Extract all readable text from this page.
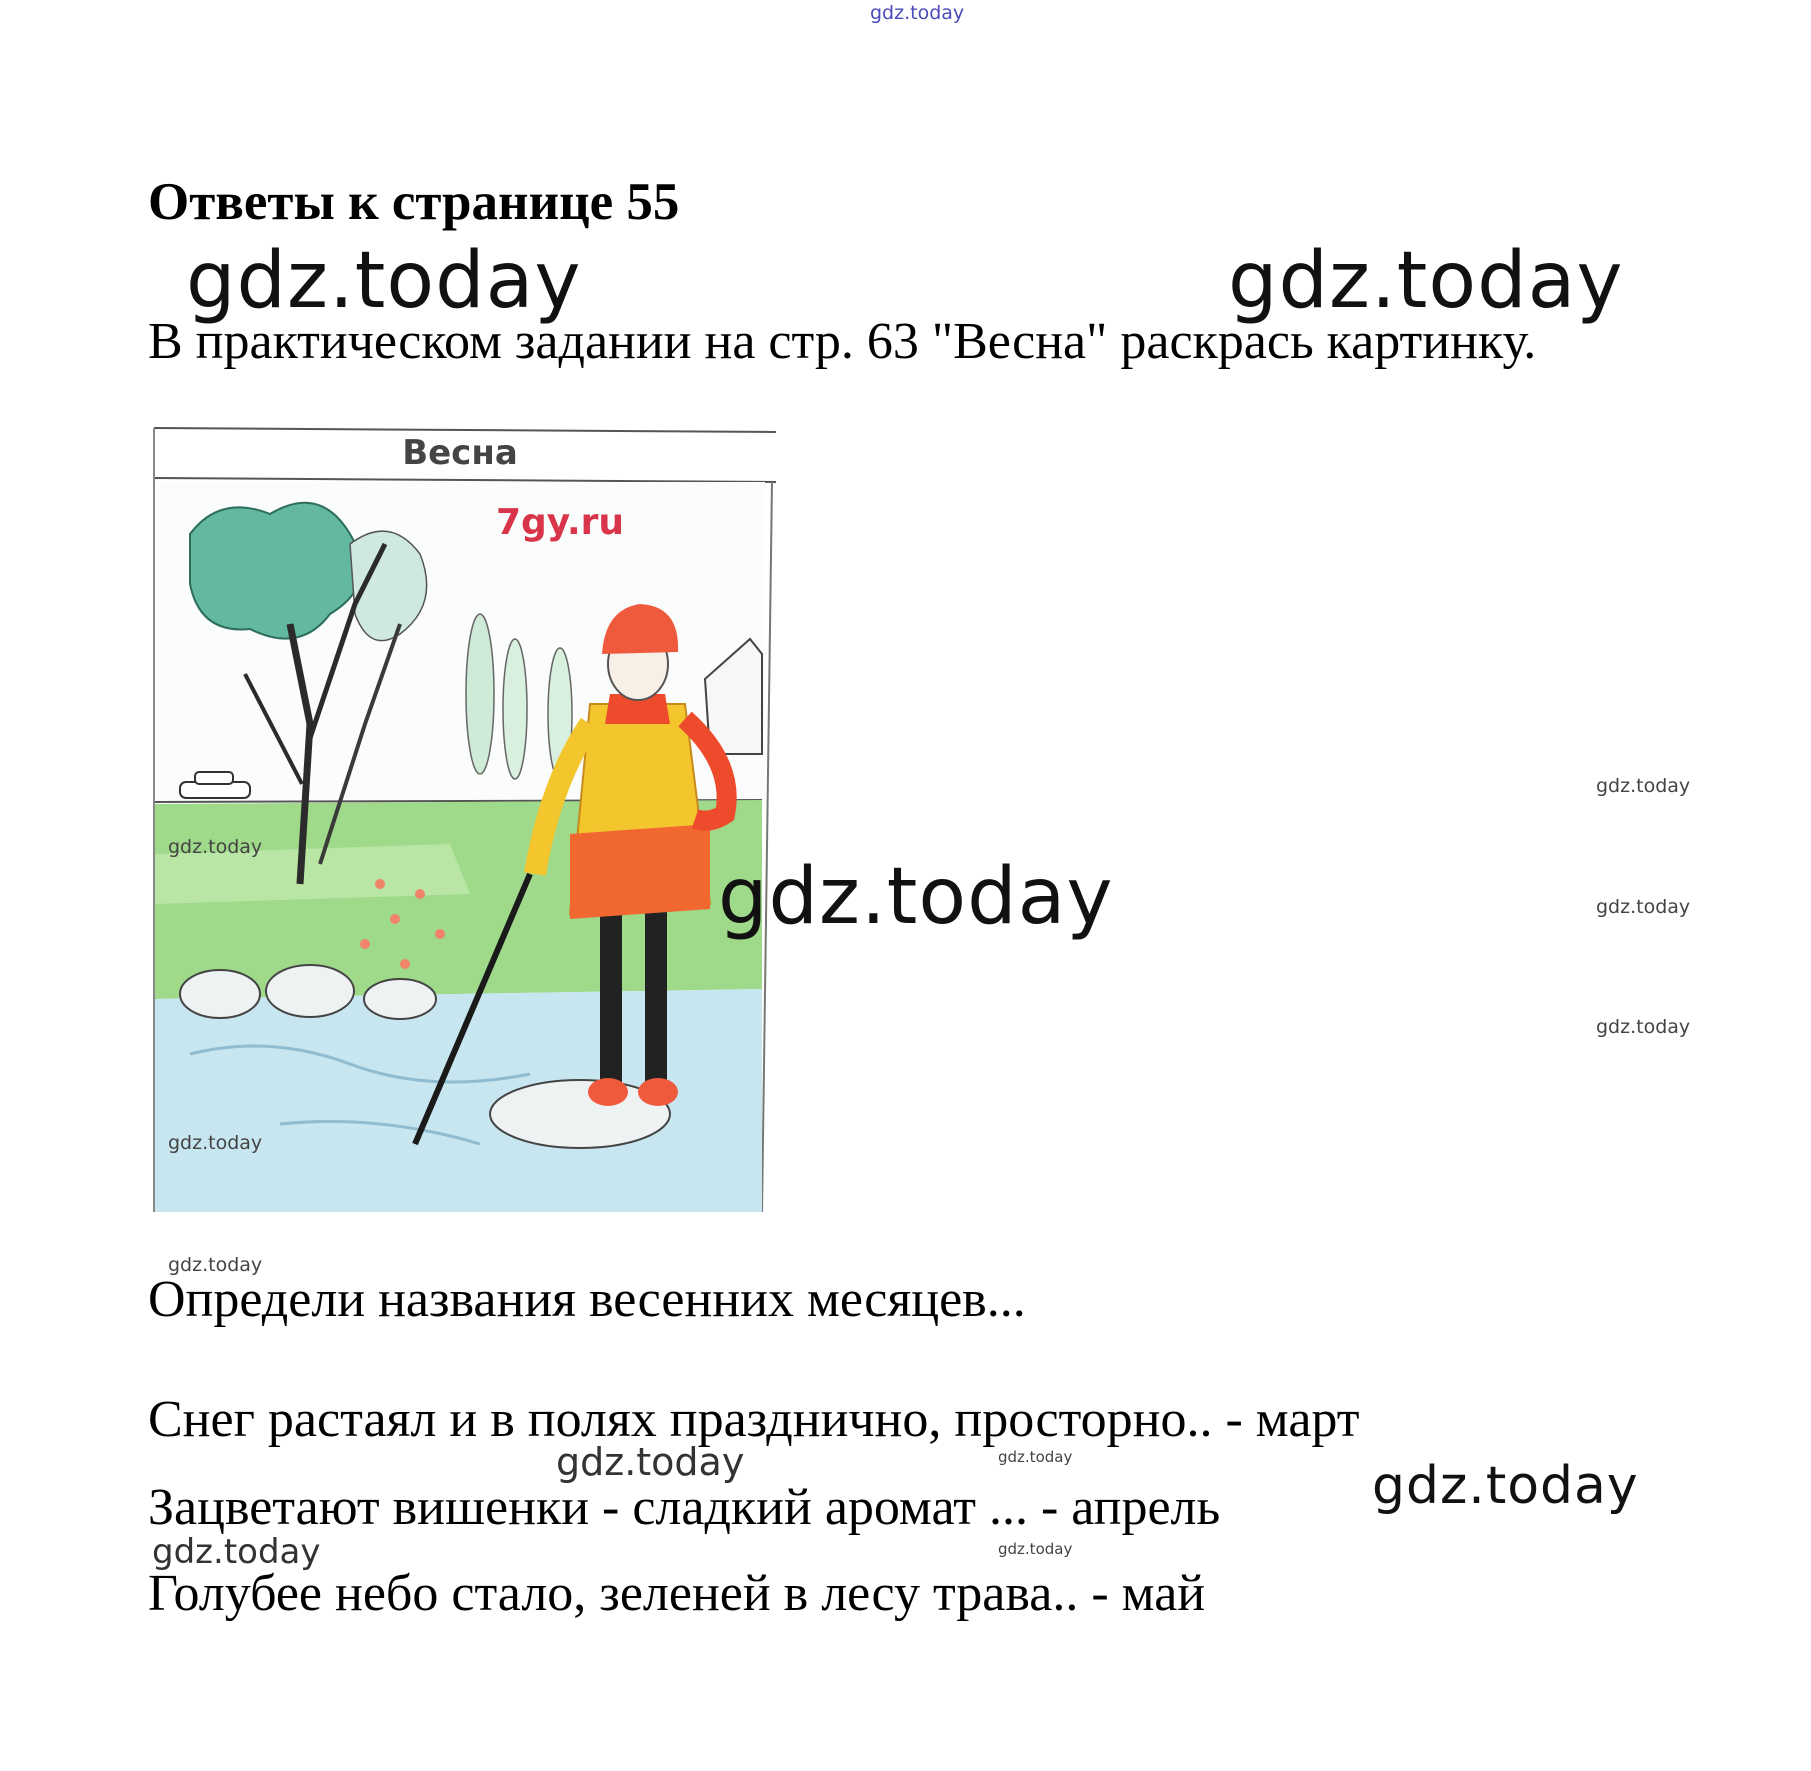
gdz.today
Ответы к странице 55
gdz.today	gdz.today
В практическом задании на стр. 63 "Весна" раскрась картинку.
Весна
7gy.ru
gdz.today
gdz.today
gdz.today
gdz.today
gdz.today
gdz.today
gdz.today
Определи названия весенних месяцев...
Снег растаял и в полях празднично, просторно.. - март
gdz.today	gdz.today
Зацветают вишенки - сладкий аромат ... - апрель	gdz.today
gdz.today	gdz.today
Голубее небо стало, зеленей в лесу трава.. - май
